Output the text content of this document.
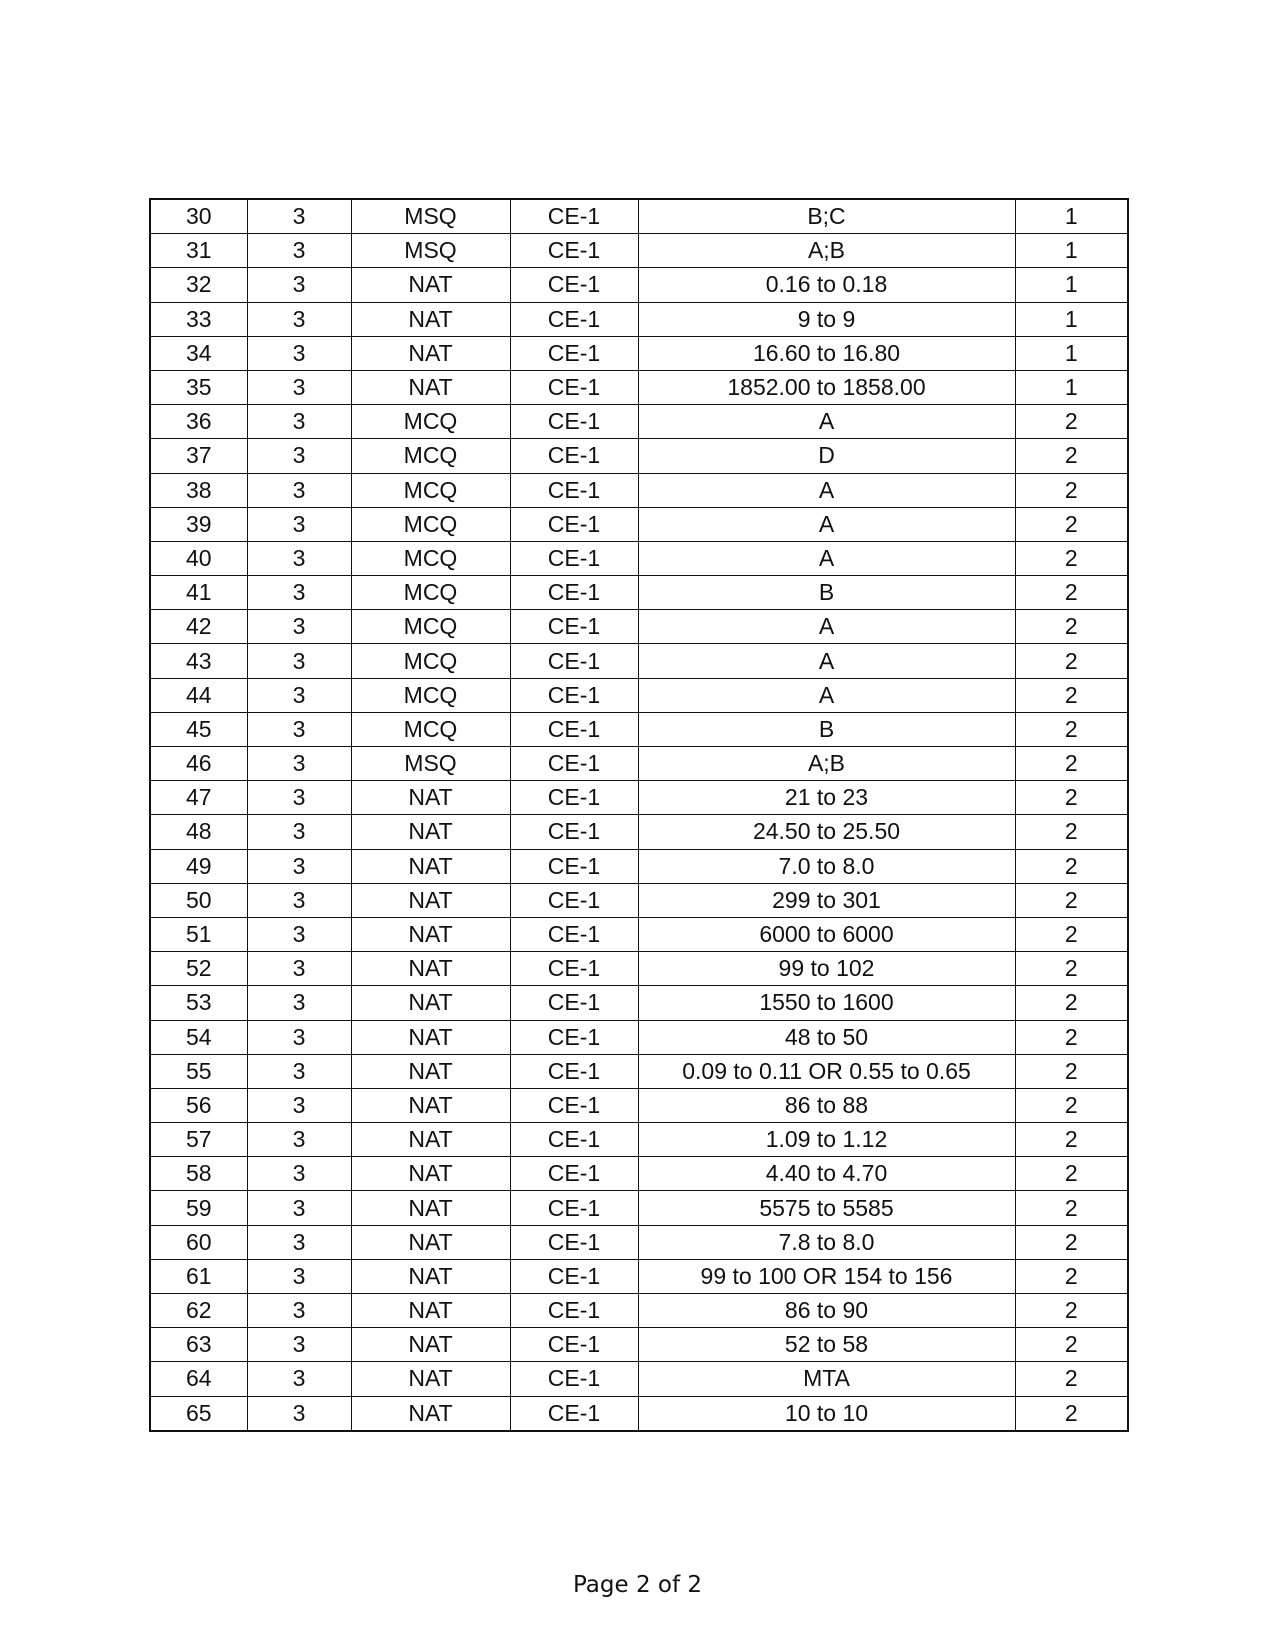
30	3	MSQ	CE-1	B;C	1
31	3	MSQ	CE-1	A;B	1
32	3	NAT	CE-1	0.16 to 0.18	1
33	3	NAT	CE-1	9 to 9	1
34	3	NAT	CE-1	16.60 to 16.80	1
35	3	NAT	CE-1	1852.00 to 1858.00	1
36	3	MCQ	CE-1	A	2
37	3	MCQ	CE-1	D	2
38	3	MCQ	CE-1	A	2
39	3	MCQ	CE-1	A	2
40	3	MCQ	CE-1	A	2
41	3	MCQ	CE-1	B	2
42	3	MCQ	CE-1	A	2
43	3	MCQ	CE-1	A	2
44	3	MCQ	CE-1	A	2
45	3	MCQ	CE-1	B	2
46	3	MSQ	CE-1	A;B	2
47	3	NAT	CE-1	21 to 23	2
48	3	NAT	CE-1	24.50 to 25.50	2
49	3	NAT	CE-1	7.0 to 8.0	2
50	3	NAT	CE-1	299 to 301	2
51	3	NAT	CE-1	6000 to 6000	2
52	3	NAT	CE-1	99 to 102	2
53	3	NAT	CE-1	1550 to 1600	2
54	3	NAT	CE-1	48 to 50	2
55	3	NAT	CE-1	0.09 to 0.11 OR 0.55 to 0.65	2
56	3	NAT	CE-1	86 to 88	2
57	3	NAT	CE-1	1.09 to 1.12	2
58	3	NAT	CE-1	4.40 to 4.70	2
59	3	NAT	CE-1	5575 to 5585	2
60	3	NAT	CE-1	7.8 to 8.0	2
61	3	NAT	CE-1	99 to 100 OR 154 to 156	2
62	3	NAT	CE-1	86 to 90	2
63	3	NAT	CE-1	52 to 58	2
64	3	NAT	CE-1	MTA	2
65	3	NAT	CE-1	10 to 10	2
Page 2 of 2
